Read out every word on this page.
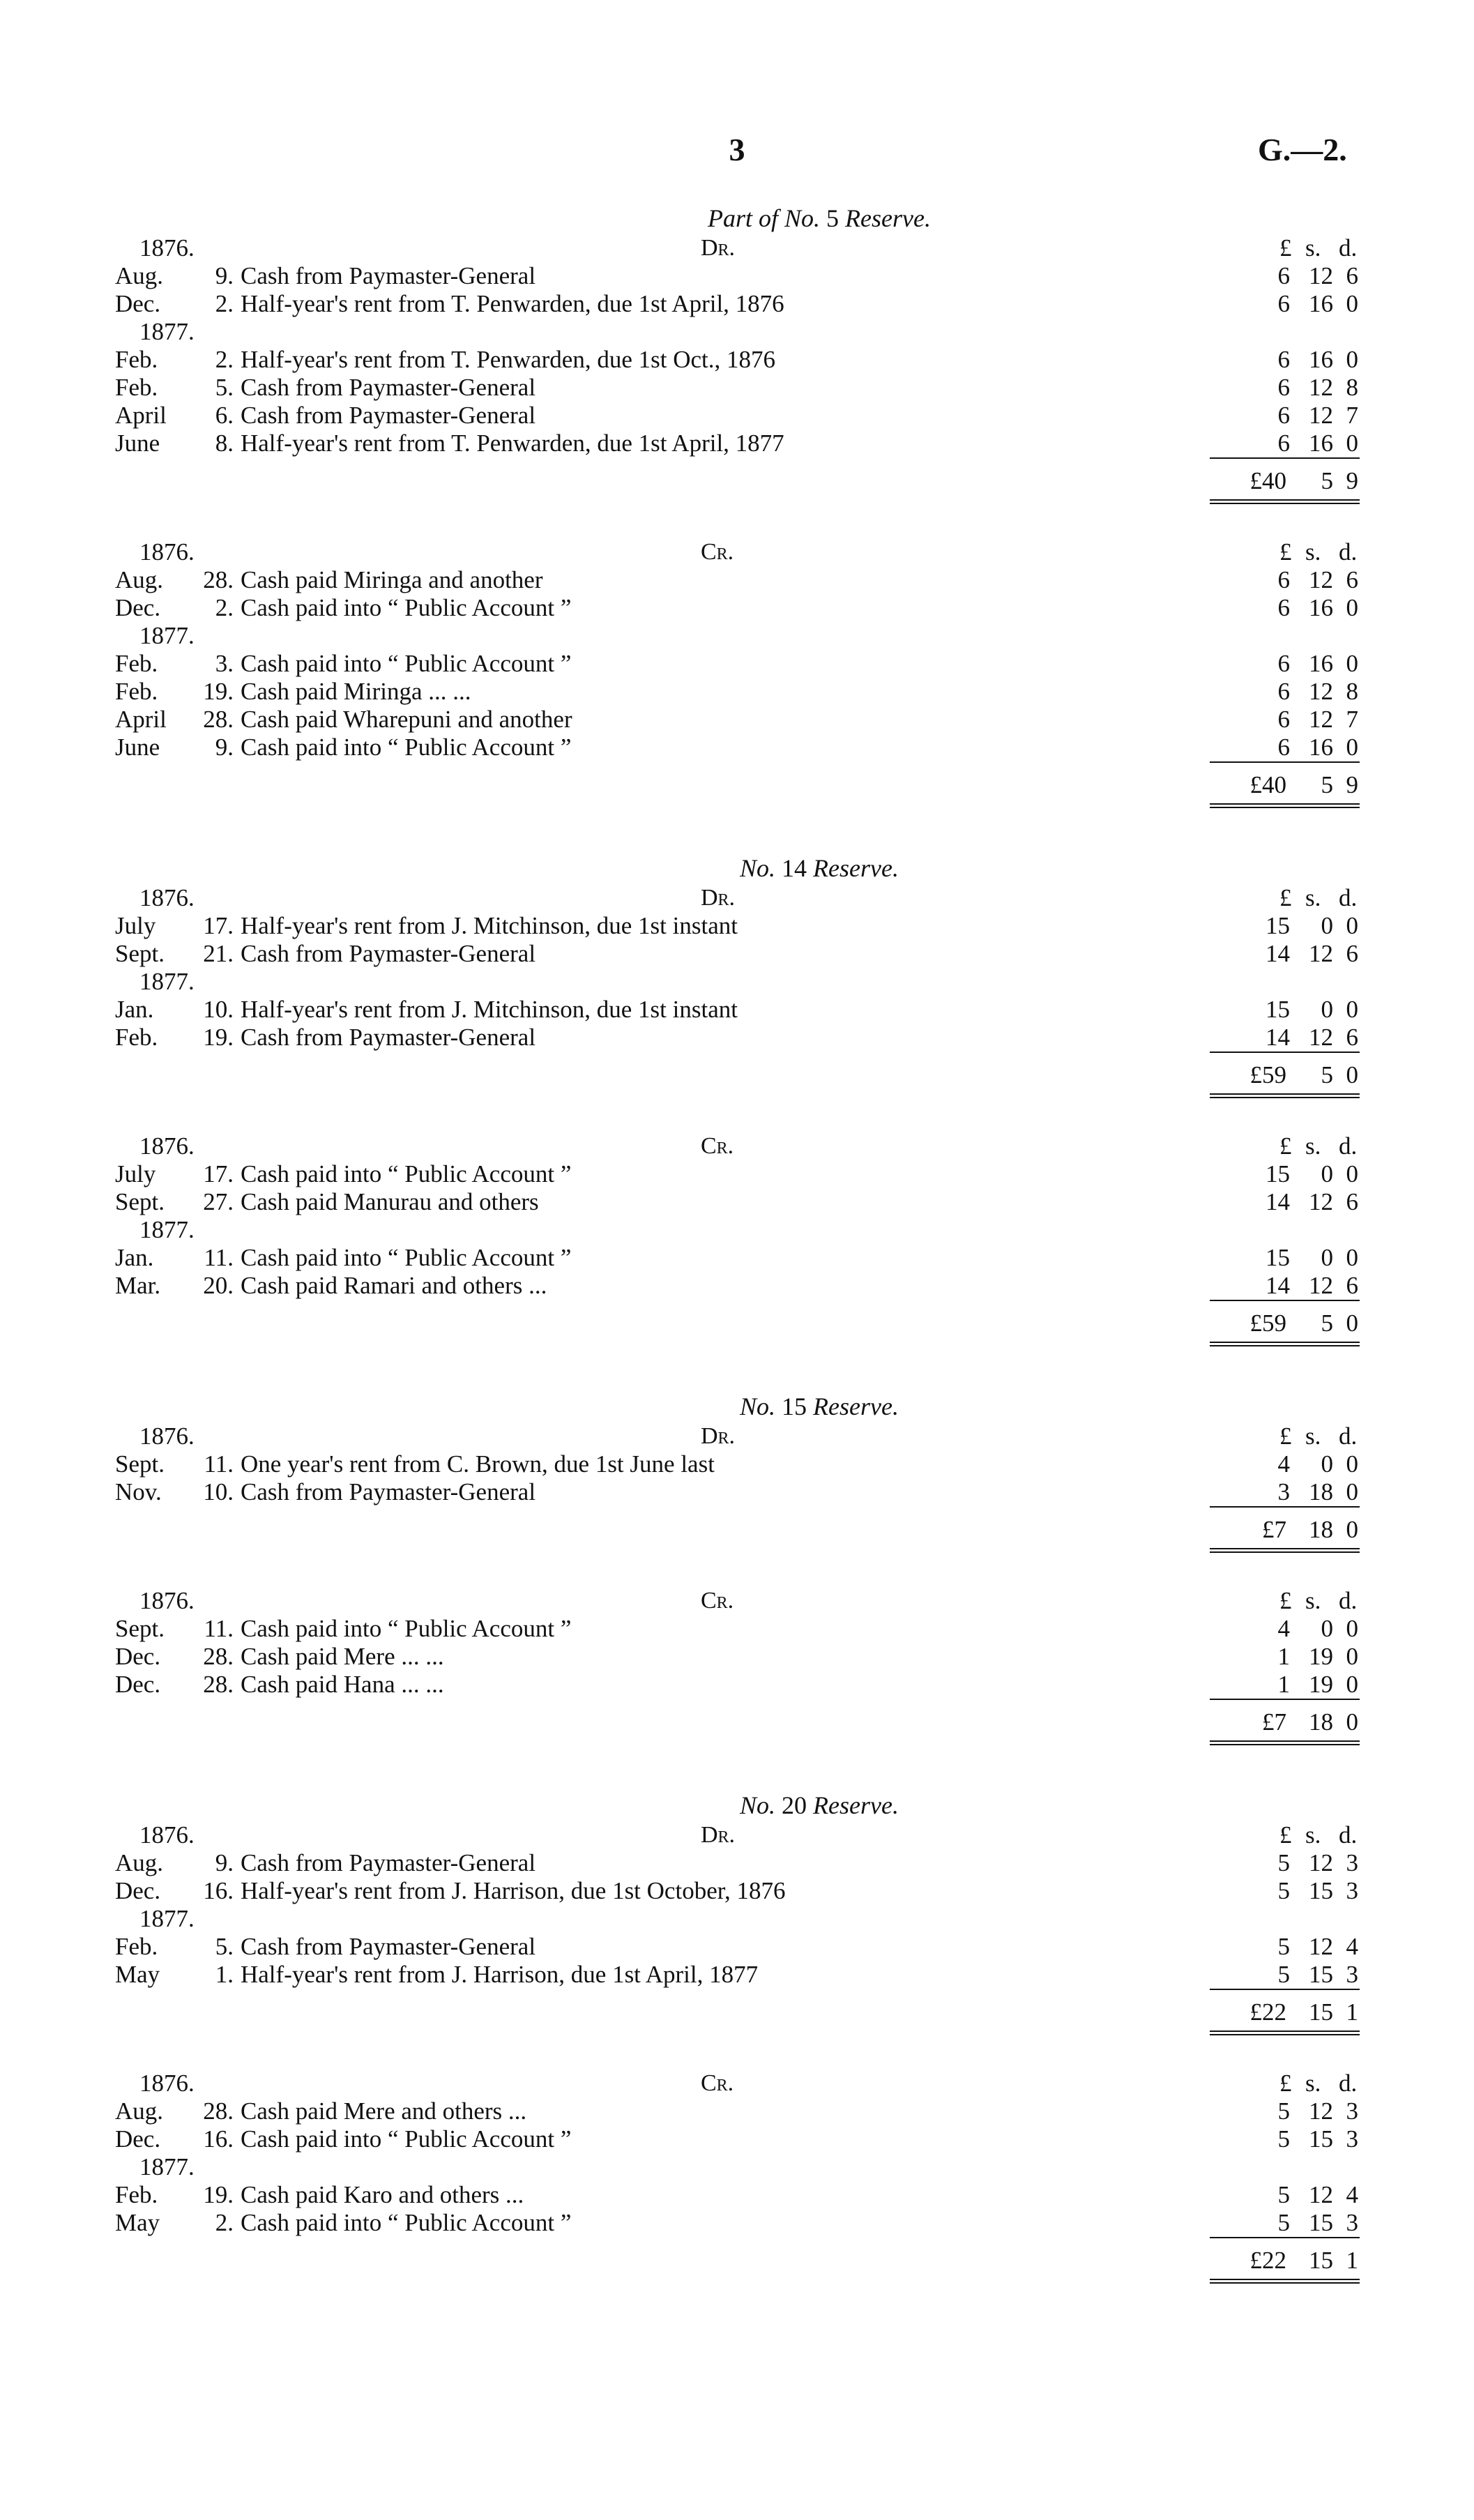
3	G.—2.
Part of No. 5 Reserve.
1876.	Dr.	£ s. d.
Aug.	9. Cash from Paymaster-General	6 12 6
Dec.	2. Half-year's rent from T. Penwarden, due 1st April, 1876	6 16 0
1877.
Feb.	2. Half-year's rent from T. Penwarden, due 1st Oct., 1876	6 16 0
Feb.	5. Cash from Paymaster-General	6 12 8
April	6. Cash from Paymaster-General	6 12 7
June	8. Half-year's rent from T. Penwarden, due 1st April, 1877	6 16 0
£40	5 9
1876.	Cr.	£ s. d.
Aug.	28. Cash paid Miringa and another	6 12 6
Dec.	2. Cash paid into “ Public Account ”	6 16 0
1877.
Feb.	3. Cash paid into “ Public Account ”	6 16 0
Feb.	19. Cash paid Miringa ... ...	6 12 8
April	28. Cash paid Wharepuni and another	6 12 7
June	9. Cash paid into “ Public Account ”	6 16 0
£40	5 9
No. 14 Reserve.
1876.	Dr.	£ s. d.
July	17. Half-year's rent from J. Mitchinson, due 1st instant	15	0 0
Sept.	21. Cash from Paymaster-General	14 12 6
1877.
Jan.	10. Half-year's rent from J. Mitchinson, due 1st instant	15	0 0
Feb.	19. Cash from Paymaster-General	14 12 6
£59	5 0
1876.	Cr.	£ s. d.
July	17. Cash paid into “ Public Account ”	15	0 0
Sept.	27. Cash paid Manurau and others	14 12 6
1877.
Jan.	11. Cash paid into “ Public Account ”	15	0 0
Mar.	20. Cash paid Ramari and others ...	14 12 6
£59	5 0
No. 15 Reserve.
1876.	Dr.	£ s. d.
Sept.	11. One year's rent from C. Brown, due 1st June last	4	0 0
Nov.	10. Cash from Paymaster-General	3 18 0
£7 18 0
1876.	Cr.	£ s. d.
Sept.	11. Cash paid into “ Public Account ”	4	0 0
Dec.	28. Cash paid Mere ... ...	1 19 0
Dec.	28. Cash paid Hana ... ...	1 19 0
£7 18 0
No. 20 Reserve.
1876.	Dr.	£ s. d.
Aug.	9. Cash from Paymaster-General	5 12 3
Dec.	16. Half-year's rent from J. Harrison, due 1st October, 1876	5 15 3
1877.
Feb.	5. Cash from Paymaster-General	5 12 4
May	1. Half-year's rent from J. Harrison, due 1st April, 1877	5 15 3
£22 15 1
1876.	Cr.	£ s. d.
Aug.	28. Cash paid Mere and others ...	5 12 3
Dec.	16. Cash paid into “ Public Account ”	5 15 3
1877.
Feb.	19. Cash paid Karo and others ...	5 12 4
May	2. Cash paid into “ Public Account ”	5 15 3
£22 15 1
